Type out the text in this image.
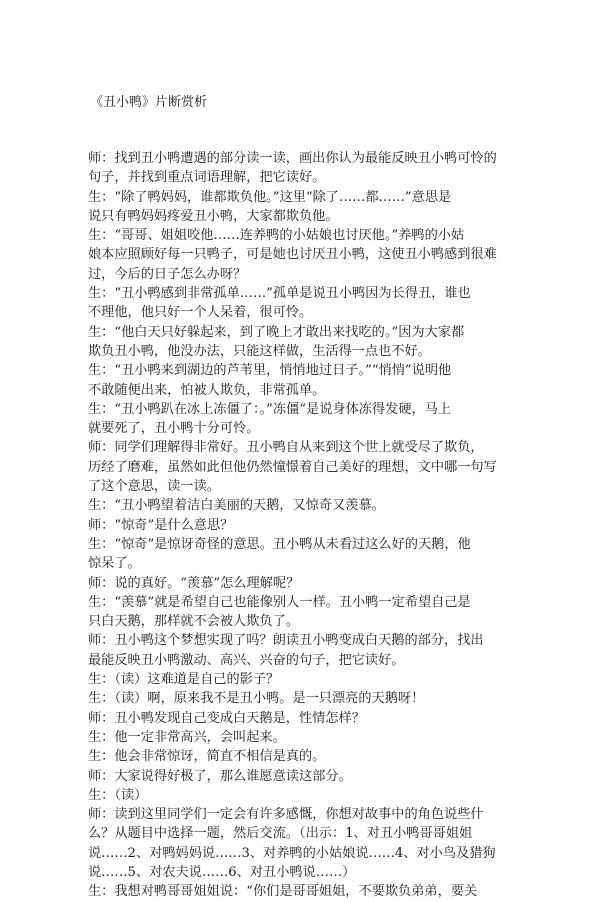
《丑小鸭》片断赏析
师：找到丑小鸭遭遇的部分读一读，画出你认为最能反映丑小鸭可怜的
句子，并找到重点词语理解，把它读好。
生：“除了鸭妈妈，谁都欺负他。”这里“除了……都……”意思是
说只有鸭妈妈疼爱丑小鸭，大家都欺负他。
生：“哥哥、姐姐咬他……连养鸭的小姑娘也讨厌他。”养鸭的小姑
娘本应照顾好每一只鸭子，可是她也讨厌丑小鸭，这使丑小鸭感到很难
过，今后的日子怎么办呀？
生：“丑小鸭感到非常孤单……”孤单是说丑小鸭因为长得丑，谁也
不理他，他只好一个人呆着，很可怜。
生：“他白天只好躲起来，到了晚上才敢出来找吃的。”因为大家都
欺负丑小鸭，他没办法，只能这样做，生活得一点也不好。
生：“丑小鸭来到湖边的芦苇里，悄悄地过日子。”“悄悄”说明他
不敢随便出来，怕被人欺负，非常孤单。
生：“丑小鸭趴在冰上冻僵了：。”冻僵“是说身体冻得发硬，马上
就要死了，丑小鸭十分可怜。
师：同学们理解得非常好。丑小鸭自从来到这个世上就受尽了欺负，
历经了磨难，虽然如此但他仍然憧憬着自己美好的理想，文中哪一句写
了这个意思，读一读。
生：“丑小鸭望着洁白美丽的天鹅，又惊奇又羡慕。
师：“惊奇”是什么意思？
生：“惊奇”是惊讶奇怪的意思。丑小鸭从未看过这么好的天鹅，他
惊呆了。
师：说的真好。“羡慕”怎么理解呢？
生：“羡慕”就是希望自己也能像别人一样。丑小鸭一定希望自己是
只白天鹅，那样就不会被人欺负了。
师：丑小鸭这个梦想实现了吗？朗读丑小鸭变成白天鹅的部分，找出
最能反映丑小鸭激动、高兴、兴奋的句子，把它读好。
生：（读）这难道是自己的影子？
生：（读）啊，原来我不是丑小鸭。是一只漂亮的天鹅呀！
师：丑小鸭发现自己变成白天鹅是，性情怎样？
生：他一定非常高兴，会叫起来。
生：他会非常惊讶，简直不相信是真的。
师：大家说得好极了，那么谁愿意读这部分。
生：（读）
师：读到这里同学们一定会有许多感慨，你想对故事中的角色说些什
么？从题目中选择一题，然后交流。（出示：1、对丑小鸭哥哥姐姐
说……2、对鸭妈妈说……3、对养鸭的小姑娘说……4、对小鸟及猎狗
说……5、对农夫说……6、对丑小鸭说……）
生：我想对鸭哥哥姐姐说：“你们是哥哥姐姐，不要欺负弟弟，要关
